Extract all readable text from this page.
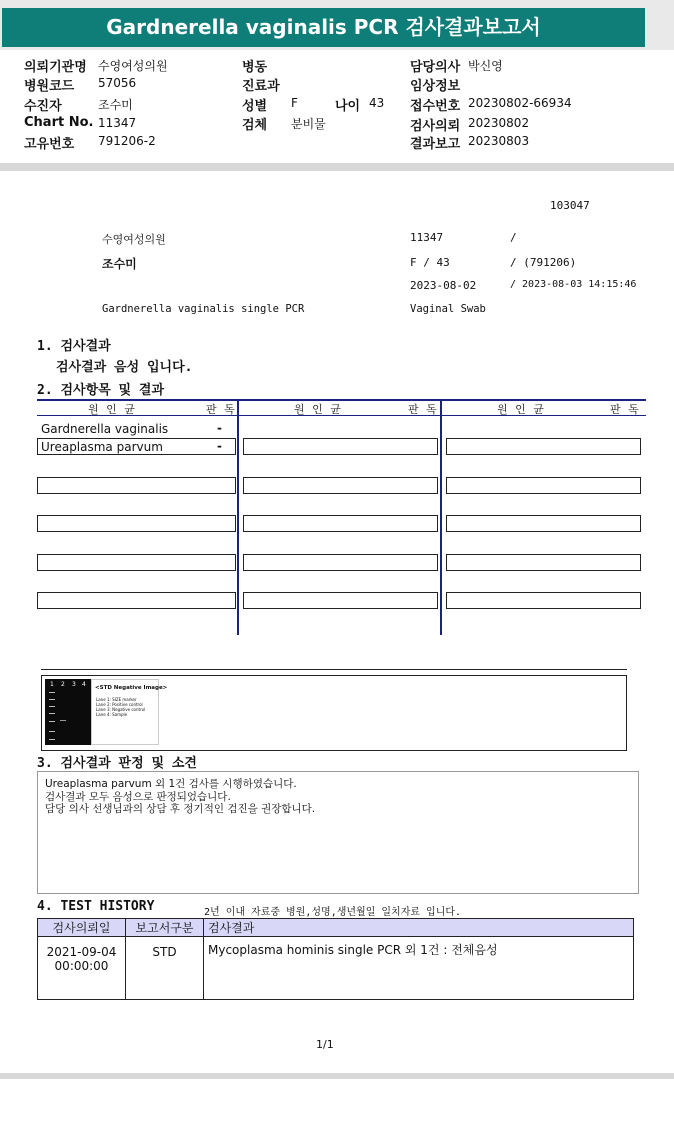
Gardnerella vaginalis PCR 검사결과보고서
의뢰기관명 수영여성의원
병원코드 57056
수진자	조수미
Chart No. 11347
고유번호 791206-2
병동
진료과
성별 F	나이 43
검체 분비물
담당의사 박신영
임상정보
접수번호 20230802-66934
검사의뢰 20230802
결과보고 20230803
103047
수영여성의원	11347	/
조수미	F / 43	/ (791206)
2023-08-02	/ 2023-08-03 14:15:46
Gardnerella vaginalis single PCR	Vaginal Swab
1. 검사결과
검사결과 음성 입니다.
2. 검사항목 및 결과
원 인 균	판 독	원 인 균	판 독	원 인 균	판 독
Gardnerella vaginalis	-
Ureaplasma parvum	-
1 2 3 4 <STD Negative Image>
Lane 1: SIZE marker
Lane 2: Positive control
Lane 3: Negative control
Lane 4: Sample
3. 검사결과 판정 및 소견
Ureaplasma parvum 외 1건 검사를 시행하였습니다.
검사결과 모두 음성으로 판정되었습니다.
담당 의사 선생님과의 상담 후 정기적인 검진을 권장합니다.
4. TEST HISTORY	2년 이내 자료중 병원,성명,생년월일 일치자료 입니다.
검사의뢰일	보고서구분	검사결과

2021-09-04
00:00:00	STD	Mycoplasma hominis single PCR 외 1건 : 전체음성
1/1
